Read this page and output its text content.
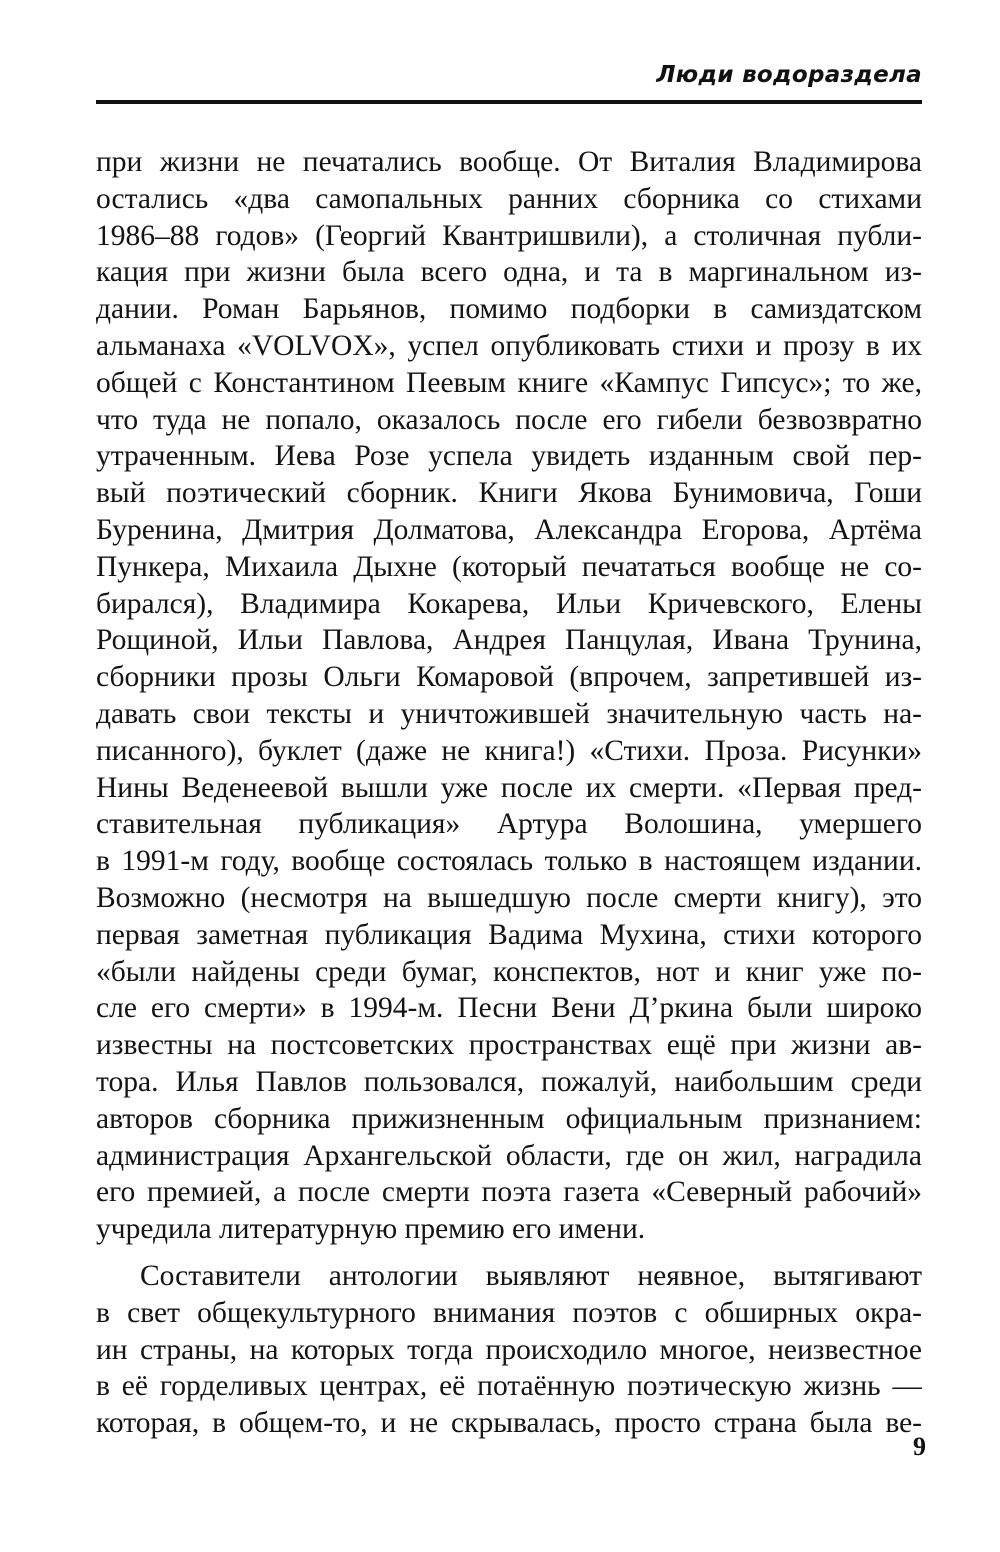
Люди водораздела
при жизни не печатались вообще. От Виталия Владимирова
остались «два самопальных ранних сборника со стихами
1986–88 годов» (Георгий Квантришвили), а столичная публи-
кация при жизни была всего одна, и та в маргинальном из-
дании. Роман Барьянов, помимо подборки в самиздатском
альманаха «VOLVOX», успел опубликовать стихи и прозу в их
общей с Константином Пеевым книге «Кампус Гипсус»; то же,
что туда не попало, оказалось после его гибели безвозвратно
утраченным. Иева Розе успела увидеть изданным свой пер-
вый поэтический сборник. Книги Якова Бунимовича, Гоши
Буренина, Дмитрия Долматова, Александра Егорова, Артёма
Пункера, Михаила Дыхне (который печататься вообще не со-
бирался), Владимира Кокарева, Ильи Кричевского, Елены
Рощиной, Ильи Павлова, Андрея Панцулая, Ивана Трунина,
сборники прозы Ольги Комаровой (впрочем, запретившей из-
давать свои тексты и уничтожившей значительную часть на-
писанного), буклет (даже не книга!) «Стихи. Проза. Рисунки»
Нины Веденеевой вышли уже после их смерти. «Первая пред-
ставительная публикация» Артура Волошина, умершего
в 1991-м году, вообще состоялась только в настоящем издании.
Возможно (несмотря на вышедшую после смерти книгу), это
первая заметная публикация Вадима Мухина, стихи которого
«были найдены среди бумаг, конспектов, нот и книг уже по-
сле его смерти» в 1994-м. Песни Вени Д’ркина были широко
известны на постсоветских пространствах ещё при жизни ав-
тора. Илья Павлов пользовался, пожалуй, наибольшим среди
авторов сборника прижизненным официальным признанием:
администрация Архангельской области, где он жил, наградила
его премией, а после смерти поэта газета «Северный рабочий»
учредила литературную премию его имени.
Составители антологии выявляют неявное, вытягивают
в свет общекультурного внимания поэтов с обширных окра-
ин страны, на которых тогда происходило многое, неизвестное
в её горделивых центрах, её потаённую поэтическую жизнь —
которая, в общем-то, и не скрывалась, просто страна была ве-
9
